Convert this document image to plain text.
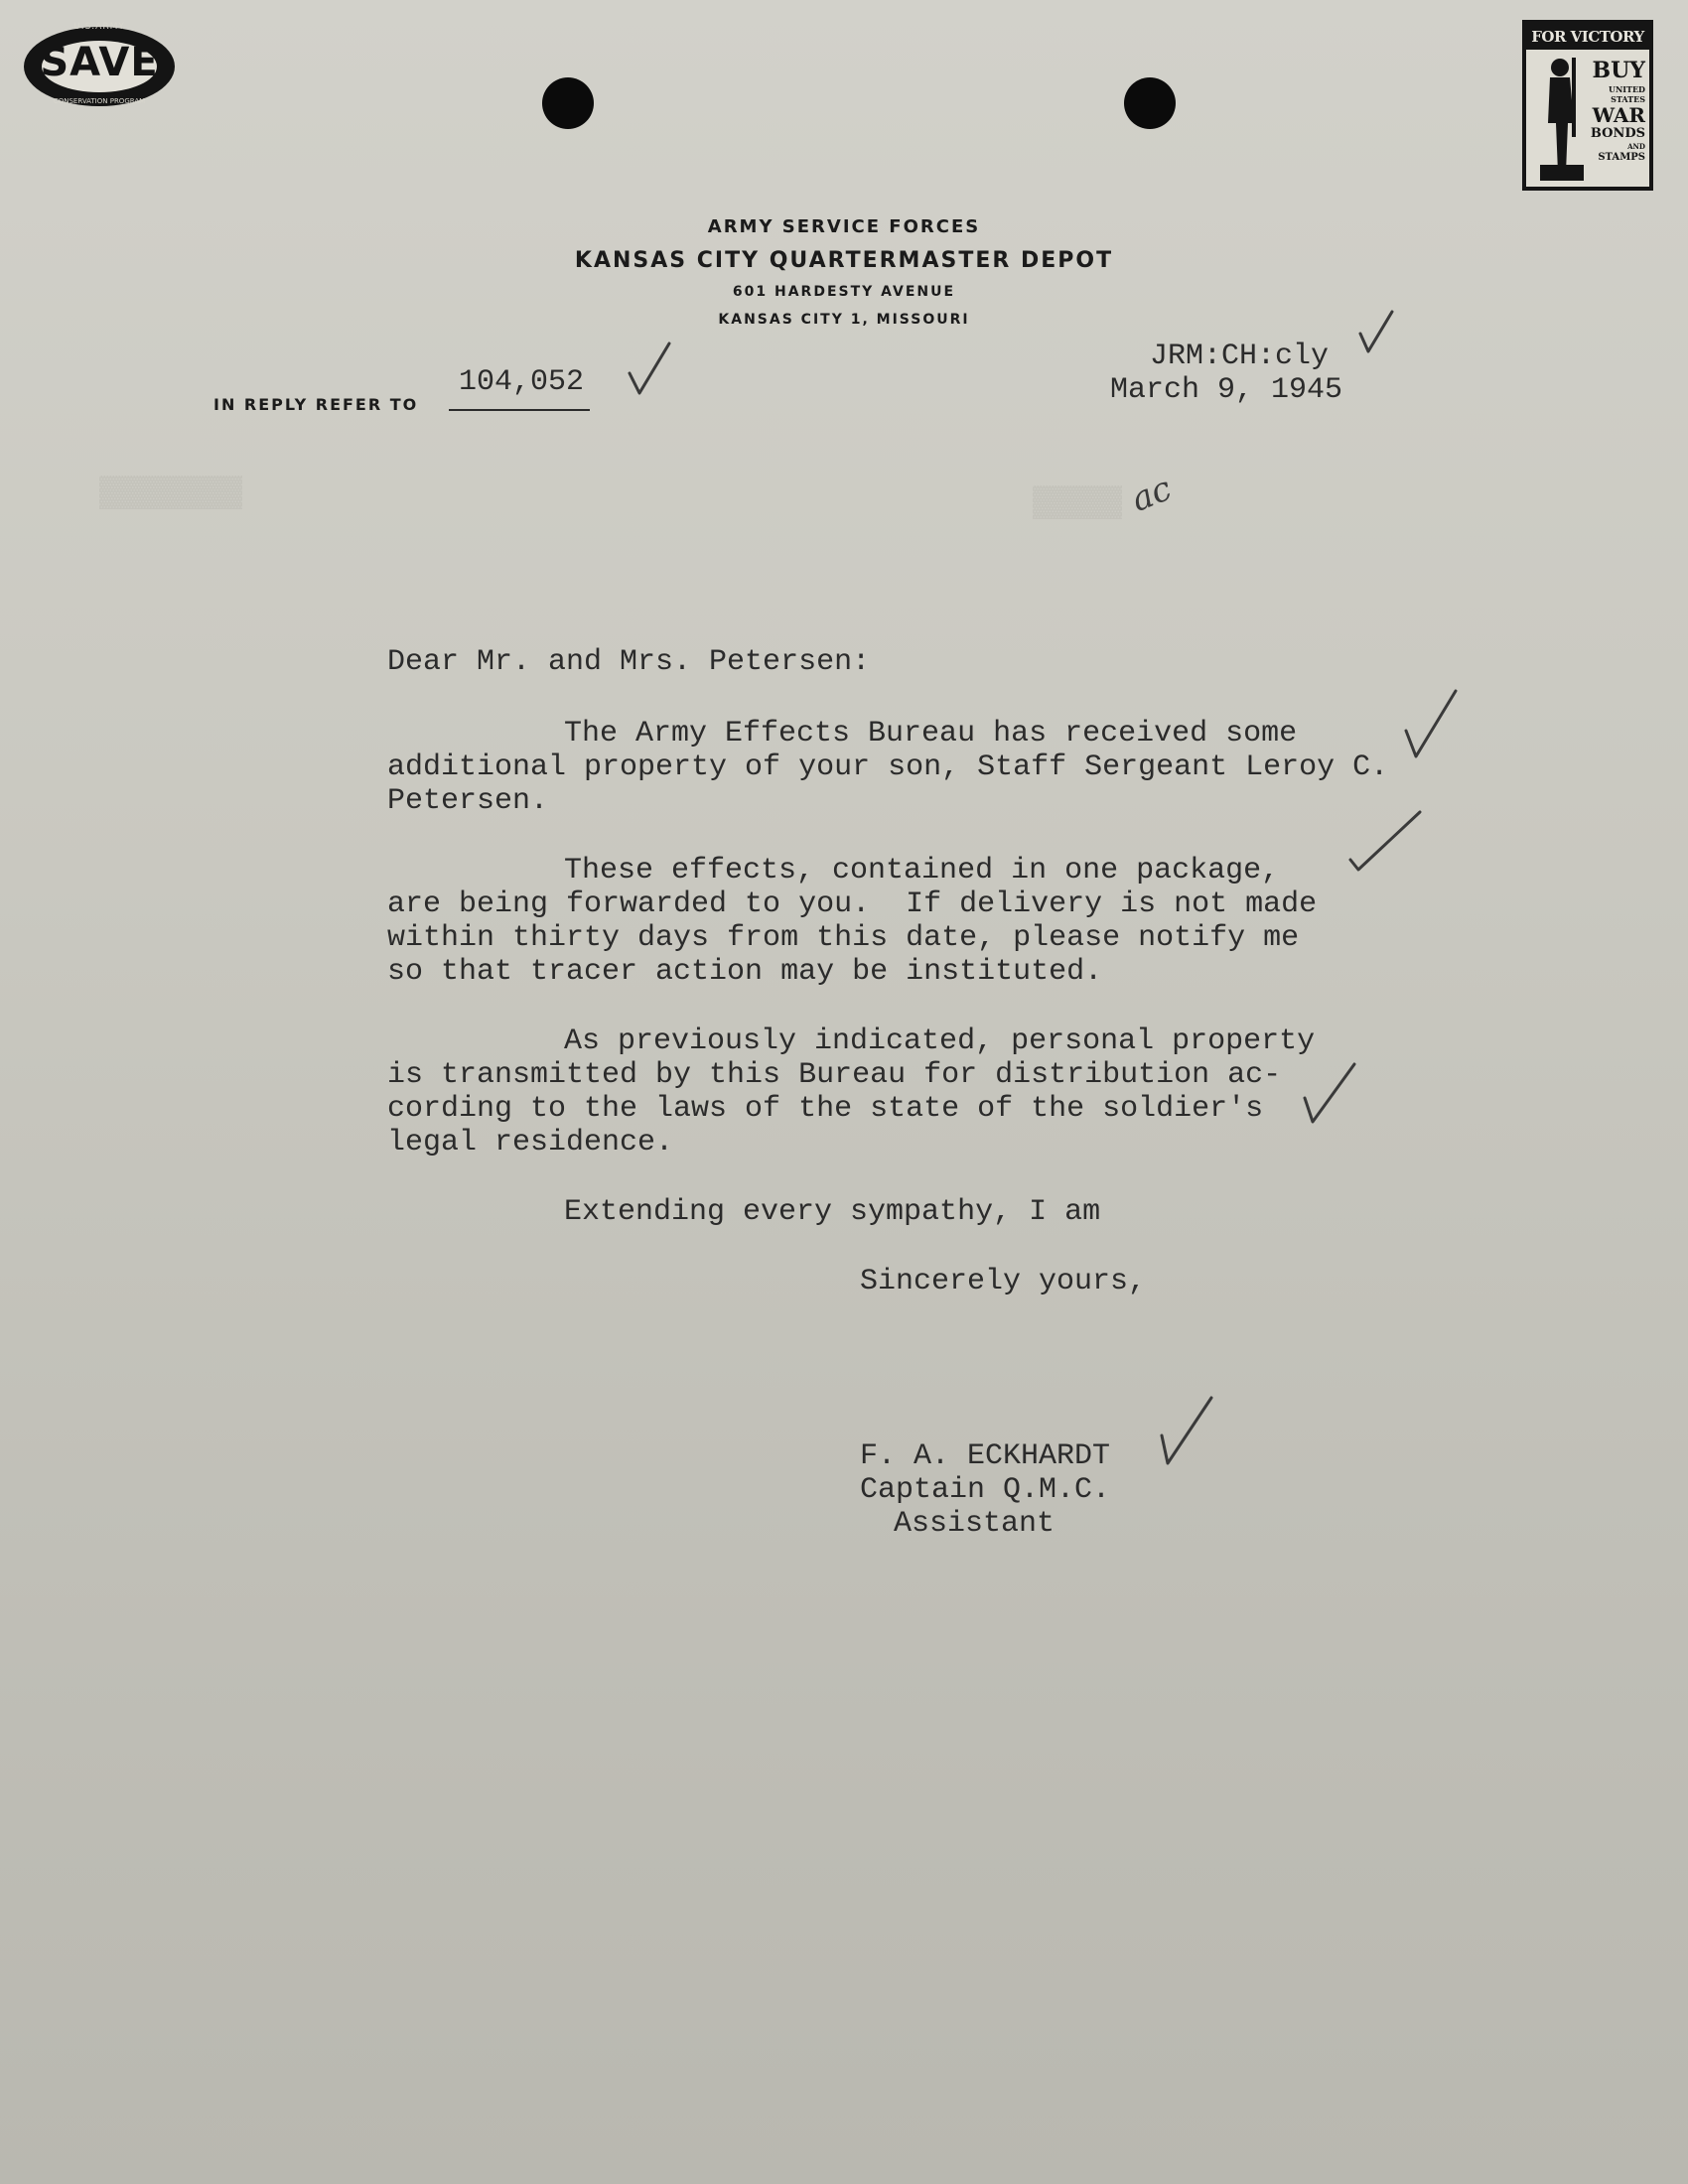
SAVE
U.S.ARMY
CONSERVATION PROGRAM
FOR VICTORY
BUY
UNITED
STATES
WAR
BONDS
AND
STAMPS
▓▓▓▓▓▓▓▓	▓▓▓▓▓
ARMY SERVICE FORCES
KANSAS CITY QUARTERMASTER DEPOT
601 HARDESTY AVENUE
KANSAS CITY 1, MISSOURI
IN REPLY REFER TO
104,052
JRM:CH:cly
March 9, 1945
ac
Dear Mr. and Mrs. Petersen:
The Army Effects Bureau has received some
additional property of your son, Staff Sergeant Leroy C.
Petersen.
These effects, contained in one package,
are being forwarded to you.  If delivery is not made
within thirty days from this date, please notify me
so that tracer action may be instituted.
As previously indicated, personal property
is transmitted by this Bureau for distribution ac-
cording to the laws of the state of the soldier's
legal residence.
Extending every sympathy, I am
Sincerely yours,
F. A. ECKHARDT
Captain Q.M.C.
Assistant
